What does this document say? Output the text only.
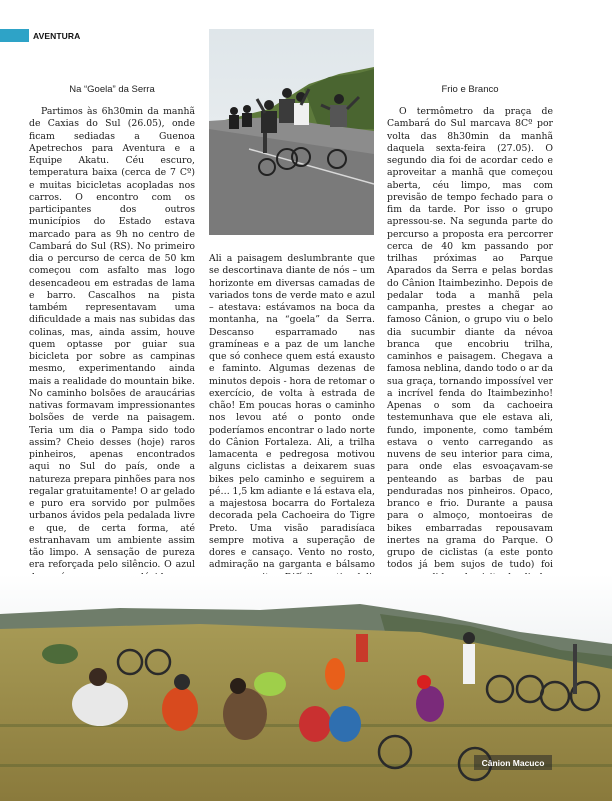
AVENTURA
Na “Goela” da Serra	Frio e Branco

Partimos às 6h30min da manhã de Caxias do Sul (26.05), onde ficam sediadas a Guenoa Apetrechos para Aventura e a Equipe Akatu. Céu escuro, temperatura baixa (cerca de 7 Cº) e muitas bicicletas acopladas nos carros. O encontro com os participantes dos outros municípios do Estado estava marcado para as 9h no centro de Cambará do Sul (RS). No primeiro dia o percurso de cerca de 50 km começou com asfalto mas logo desencadeou em estradas de lama e barro. Cascalhos na pista também representavam uma dificuldade a mais nas subidas das colinas, mas, ainda assim, houve quem optasse por guiar sua bicicleta por sobre as campinas mesmo, experimentando ainda mais a realidade do mountain bike. No caminho bolsões de araucárias nativas formavam impressionantes bolsões de verde na paisagem. Teria um dia o Pampa sido todo assim? Cheio desses (hoje) raros pinheiros, apenas encontrados aqui no Sul do país, onde a natureza prepara pinhões para nos regalar gratuitamente! O ar gelado e puro era sorvido por pulmões urbanos ávidos pela pedalada livre e que, de certa forma, até estranhavam um ambiente assim tão limpo. A sensação de pureza era reforçada pelo silêncio. O azul

Ali a paisagem deslumbrante que se descortinava diante de nós – um horizonte em diversas camadas de variados tons de verde mato e azul – atestava: estávamos na boca da montanha, na “goela” da Serra. Descanso esparramado nas gramíneas e a paz de um lanche que só conhece quem está exausto e faminto. Algumas dezenas de minutos depois - hora de retomar o exercício, de volta à estrada de chão! Em poucas horas o caminho nos levou até o ponto onde poderíamos encontrar o lado norte do Cânion Fortaleza. Ali, a trilha lamacenta e pedregosa motivou alguns ciclistas a deixarem suas bikes pelo caminho e seguirem a pé… 1,5 km adiante e lá estava ela, a majestosa bocarra do Fortaleza decorada pela Cachoeira do Tigre Preto. Uma visão paradisíaca sempre motiva a superação de dores e cansaço. Vento no rosto, admiração na garganta e bálsamo

O termômetro da praça de Cambará do Sul marcava 8Cº por volta das 8h30min da manhã daquela sexta-feira (27.05). O segundo dia foi de acordar cedo e aproveitar a manhã que começou aberta, céu limpo, mas com previsão de tempo fechado para o fim da tarde. Por isso o grupo apressou-se. Na segunda parte do percurso a proposta era percorrer cerca de 40 km passando por trilhas próximas ao Parque Aparados da Serra e pelas bordas do Cânion Itaimbezinho. Depois de pedalar toda a manhã pela campanha, prestes a chegar ao famoso Cânion, o grupo viu o belo dia sucumbir diante da névoa branca que encobriu trilha, caminhos e paisagem. Chegava a famosa neblina, dando todo o ar da sua graça, tornando impossível ver a incrível fenda do Itaimbezinho! Apenas o som da cachoeira testemunhava que ele estava ali, fundo, imponente, como também estava o vento carregando as nuvens de seu interior para cima, para onde elas esvoaçavam-se penteando as barbas de pau penduradas nos pinheiros. Opaco, branco e frio. Durante a pausa para o almoço, montoeiras de bikes embarradas repousavam inertes na grama do Parque. O grupo de ciclistas (a este ponto todos já bem sujos de tudo) foi

Cânion Macuco
